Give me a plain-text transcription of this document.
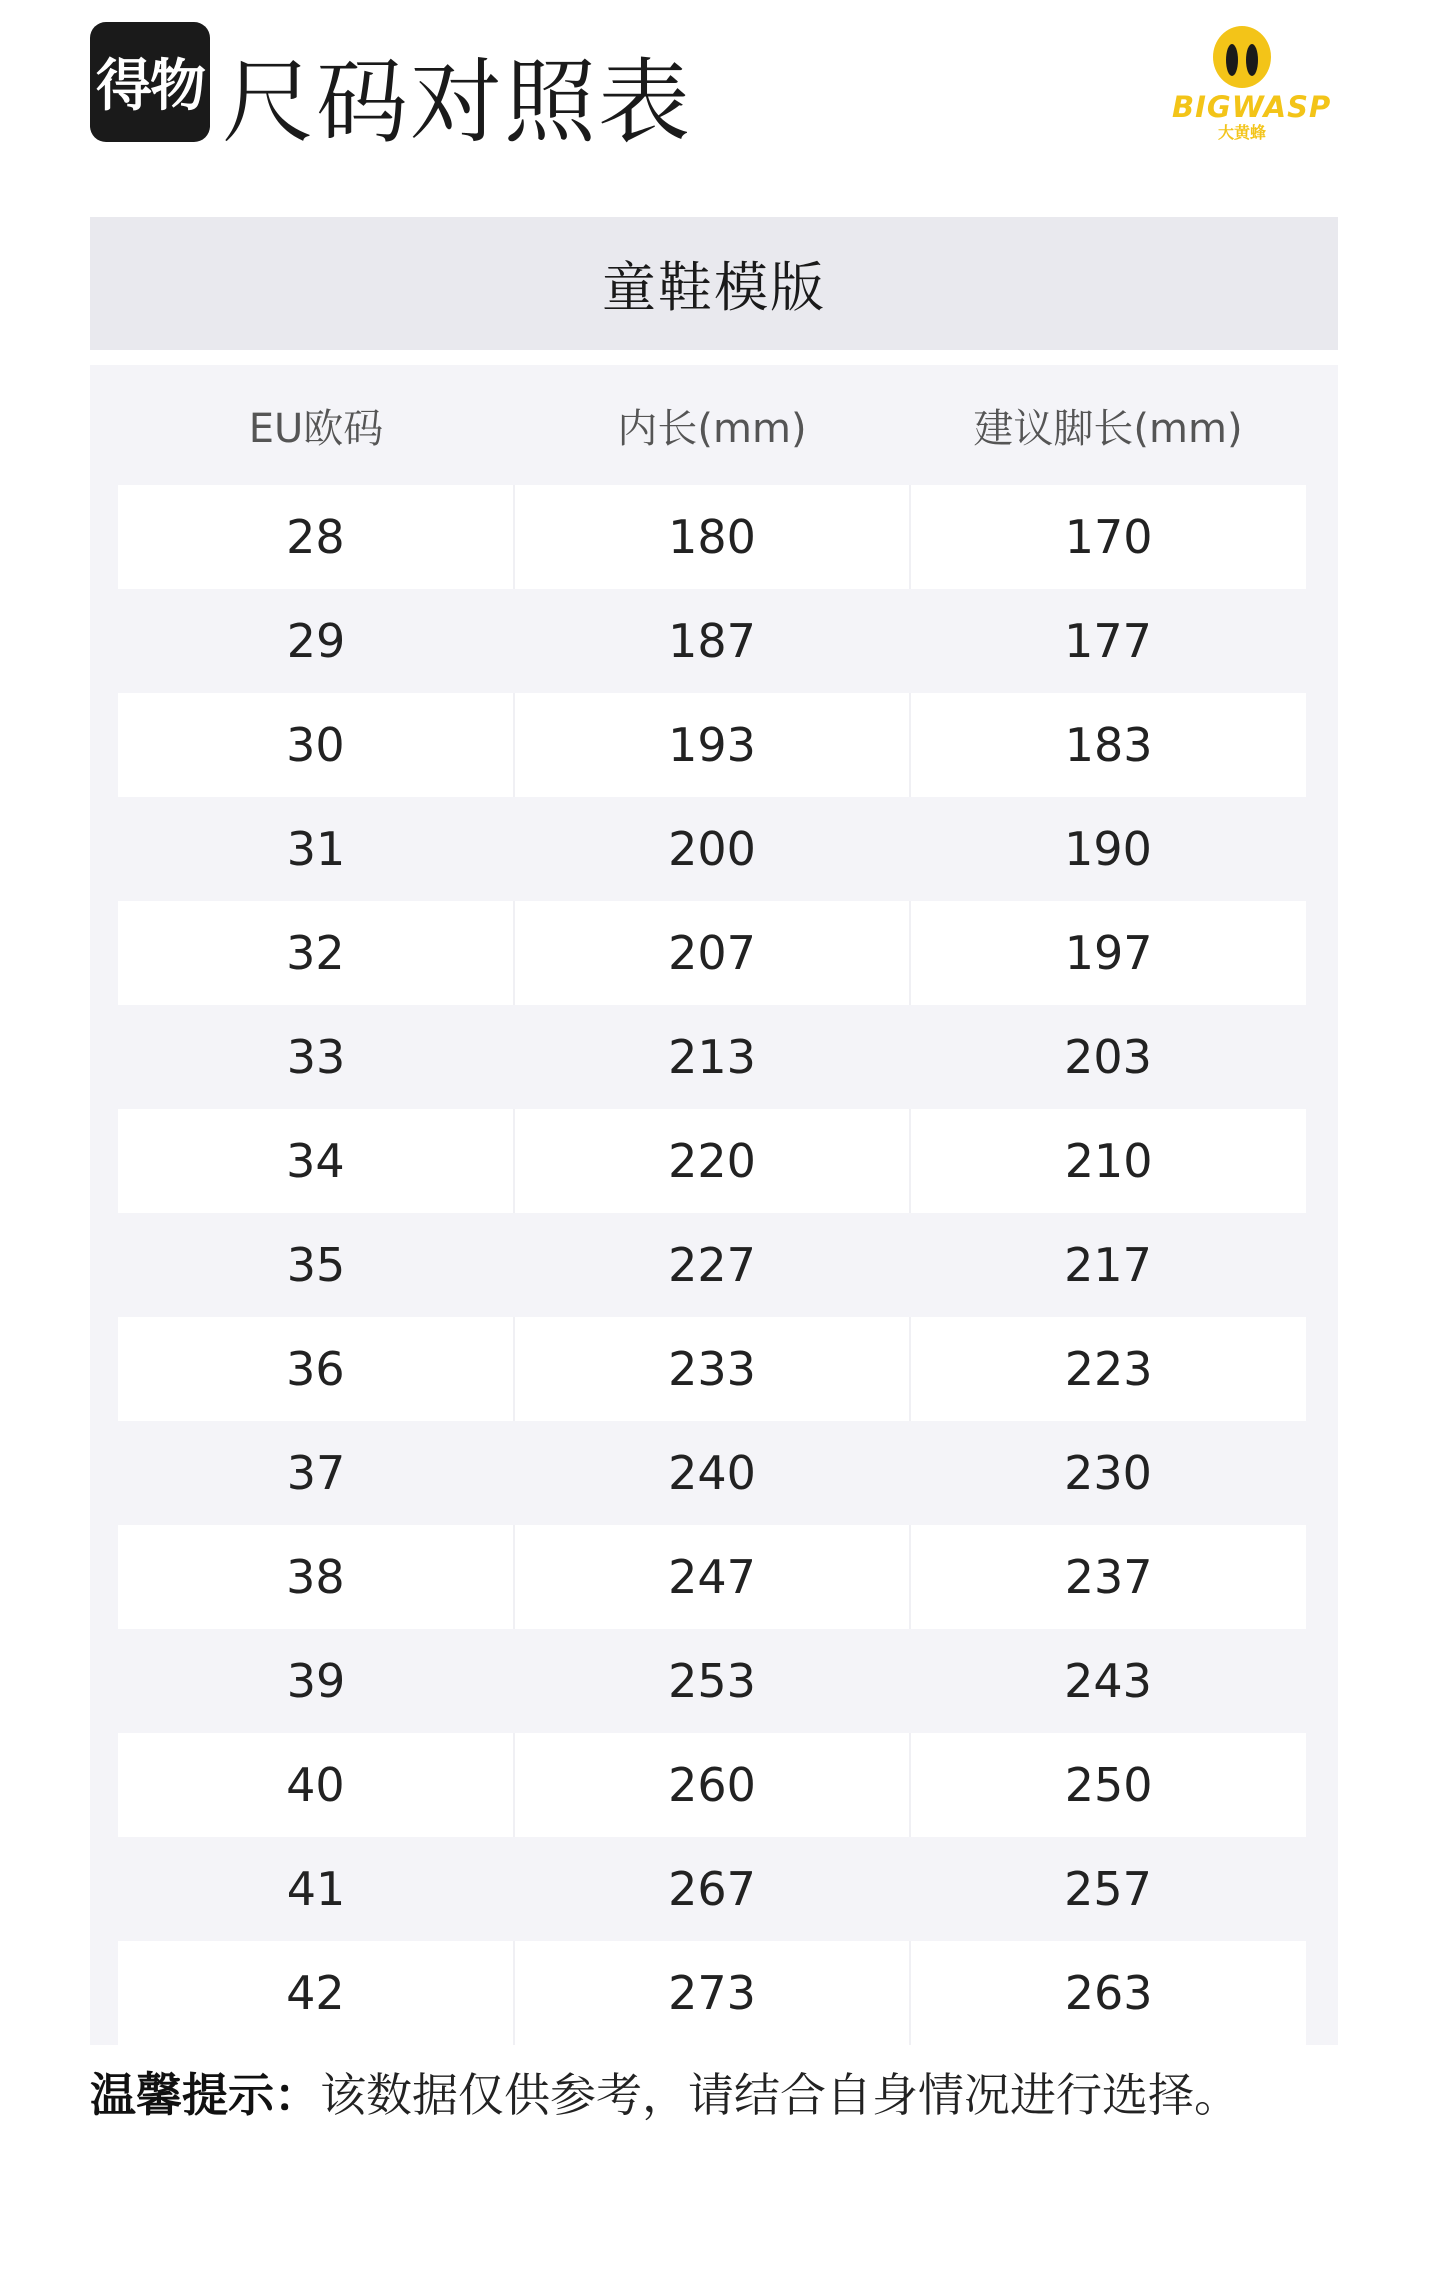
得物 尺码对照表	BIGWASP
大黄蜂
童鞋模版
EU欧码	内长(mm)	建议脚长(mm)
28	180	170
29	187	177
30	193	183
31	200	190
32	207	197
33	213	203
34	220	210
35	227	217
36	233	223
37	240	230
38	247	237
39	253	243
40	260	250
41	267	257
42	273	263
温馨提示：该数据仅供参考，请结合自身情况进行选择。
